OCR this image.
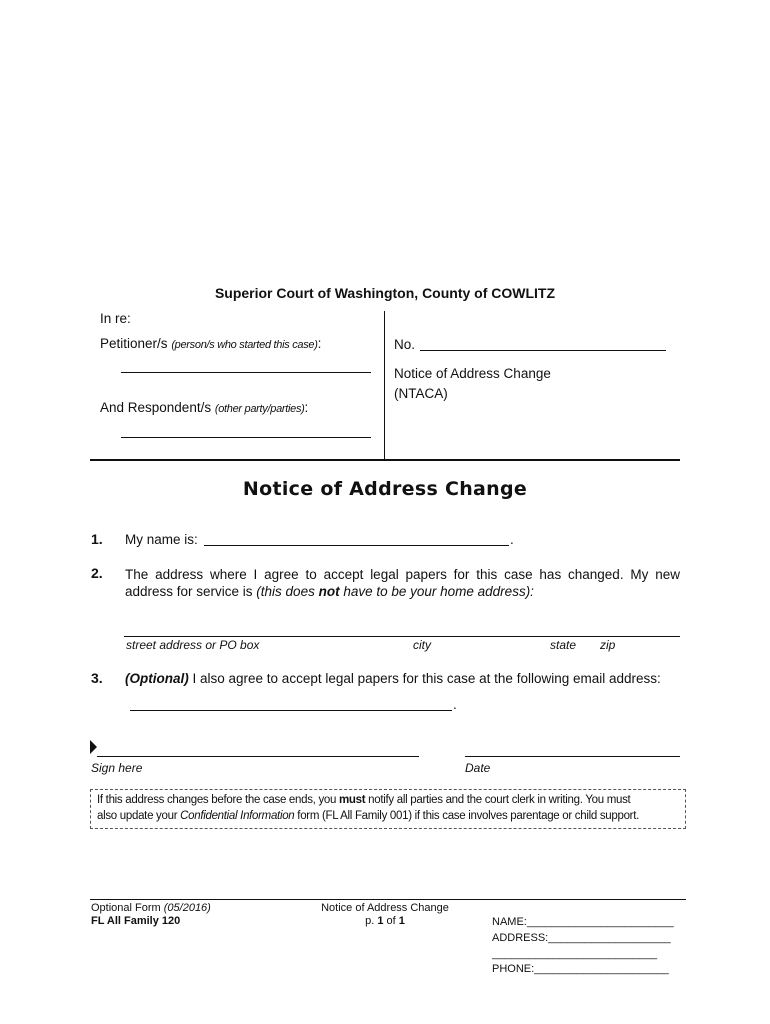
Superior Court of Washington, County of COWLITZ
In re:
Petitioner/s (person/s who started this case):
And Respondent/s (other party/parties):
No.
Notice of Address Change
(NTACA)
Notice of Address Change
1. My name is:	.
2. The address where I agree to accept legal papers for this case has changed. My new
address for service is (this does not have to be your home address):
street address or PO box	city	state zip
3. (Optional) I also agree to accept legal papers for this case at the following email address:
.
Sign here	Date
If this address changes before the case ends, you must notify all parties and the court clerk in writing. You must
also update your Confidential Information form (FL All Family 001) if this case involves parentage or child support.
Optional Form (05/2016)
FL All Family 120
Notice of Address Change
p. 1 of 1	NAME:________________________
ADDRESS:____________________
___________________________
PHONE:______________________
